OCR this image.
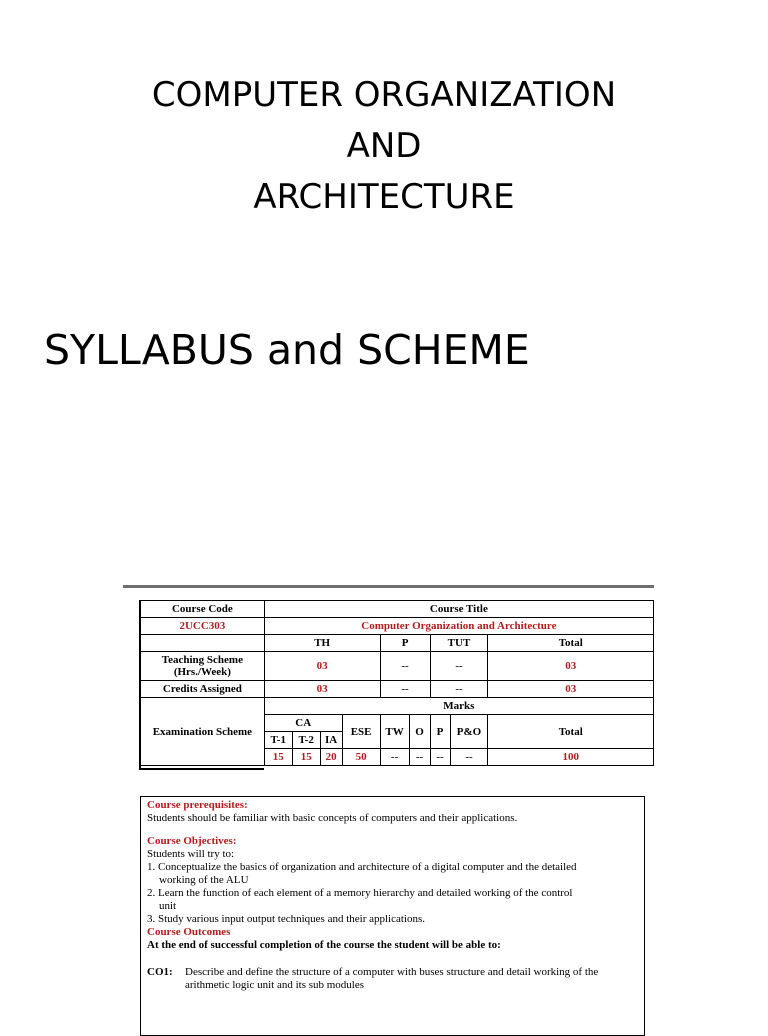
COMPUTER ORGANIZATION
AND
ARCHITECTURE
SYLLABUS and SCHEME
Course Code	Course Title								
2UCC303	Computer Organization and Architecture								
	TH				P		TUT		Total
Teaching Scheme (Hrs./Week)	03				--		--		03
Credits Assigned	03				--		--		03
Examination Scheme	Marks								
	CA			ESE	TW	O	P	P&O	Total
	T-1	T-2	IA						
	15	15	20	50	--	--	--	--	100
Course prerequisites:
Students should be familiar with basic concepts of computers and their applications.
Course Objectives:
Students will try to:
1. Conceptualize the basics of organization and architecture of a digital computer and the detailed
working of the ALU
2. Learn the function of each element of a memory hierarchy and detailed working of the control
unit
3. Study various input output techniques and their applications.
Course Outcomes
At the end of successful completion of the course the student will be able to:
CO1:	Describe and define the structure of a computer with buses structure and detail working of the arithmetic logic unit and its sub modules
